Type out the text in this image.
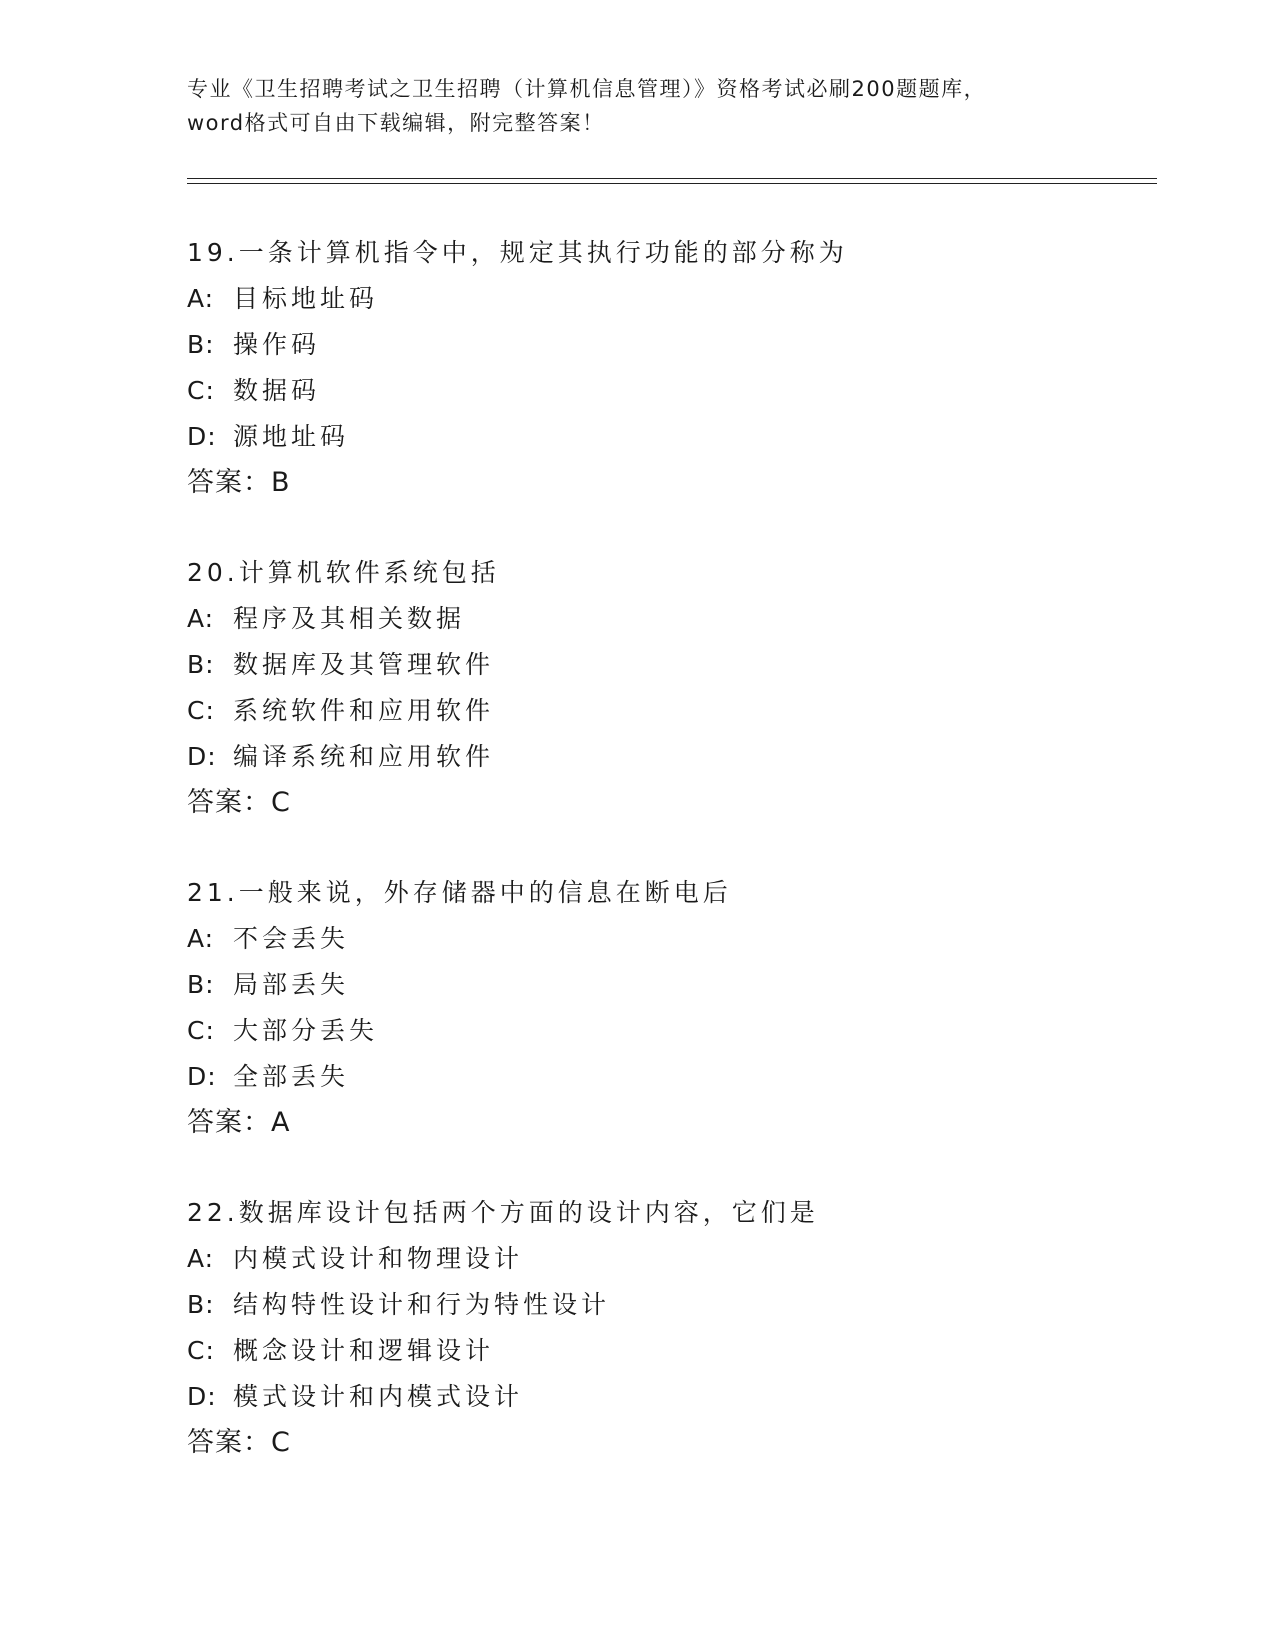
专业《卫生招聘考试之卫生招聘（计算机信息管理）》资格考试必刷200题题库，
word格式可自由下载编辑，附完整答案！
19.一条计算机指令中，规定其执行功能的部分称为
A: 目标地址码
B: 操作码
C: 数据码
D: 源地址码
答案：B
20.计算机软件系统包括
A: 程序及其相关数据
B: 数据库及其管理软件
C: 系统软件和应用软件
D: 编译系统和应用软件
答案：C
21.一般来说，外存储器中的信息在断电后
A: 不会丢失
B: 局部丢失
C: 大部分丢失
D: 全部丢失
答案：A
22.数据库设计包括两个方面的设计内容，它们是
A: 内模式设计和物理设计
B: 结构特性设计和行为特性设计
C: 概念设计和逻辑设计
D: 模式设计和内模式设计
答案：C
